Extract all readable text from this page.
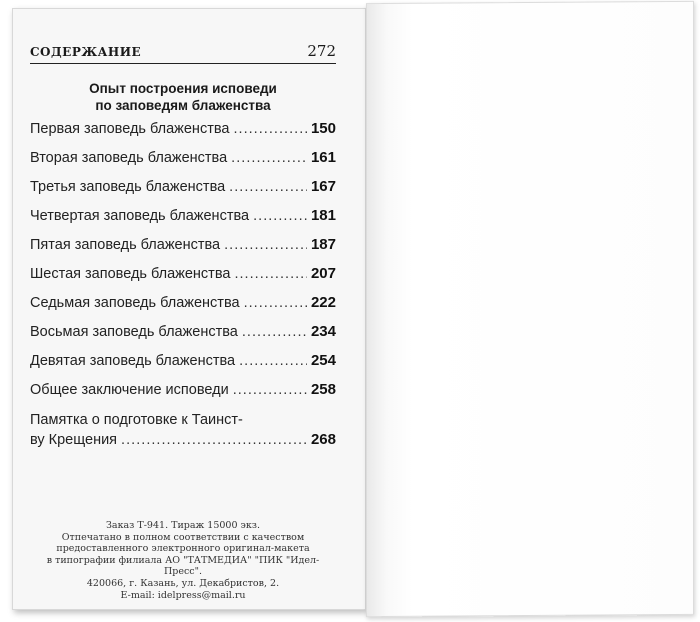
СОДЕРЖАНИЕ	272
Опыт построения исповеди
по заповедям блаженства
Первая заповедь блаженства . . .	150
Вторая заповедь блаженства . . .	161
Третья заповедь блаженства . . .	167
Четвертая заповедь блаженства . . .	181
Пятая заповедь блаженства . . .	187
Шестая заповедь блаженства . . .	207
Седьмая заповедь блаженства . . .	222
Восьмая заповедь блаженства . . .	234
Девятая заповедь блаженства . . .	254
Общее заключение исповеди . . .	258
Памятка о подготовке к Таинст-
ву Крещения . . .	268
Заказ Т-941. Тираж 15000 экз.
Отпечатано в полном соответствии с качеством
предоставленного электронного оригинал-макета
в типографии филиала АО "ТАТМЕДИА" "ПИК "Идел-Пресс".
420066, г. Казань, ул. Декабристов, 2.
E-mail: idelpress@mail.ru
